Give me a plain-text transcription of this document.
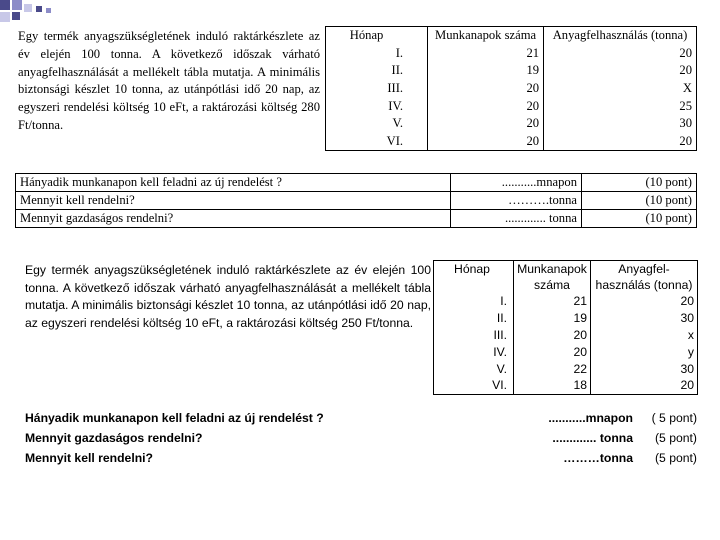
Egy termék anyagszükségletének induló raktárkészlete az év elején 100 tonna. A következő időszak várható anyagfelhasználását a mellékelt tábla mutatja. A minimális biztonsági készlet 10 tonna, az utánpótlási idő 20 nap, az egyszeri rendelési költség 10 eFt, a raktározási költség 280 Ft/tonna.
Hónap	Munkanapok száma	Anyagfelhasználás (tonna)
I.	21	20
II.	19	20
III.	20	X
IV.	20	25
V.	20	30
VI.	20	20
Hányadik munkanapon kell feladni az új rendelést ?	...........mnapon	(10 pont)
Mennyit kell rendelni?	……….tonna	(10 pont)
Mennyit gazdaságos rendelni?	............. tonna	(10 pont)
Egy termék anyagszükségletének induló raktárkészlete az év elején 100 tonna. A következő időszak várható anyagfelhasználását a mellékelt tábla mutatja. A minimális biztonsági készlet 10 tonna, az utánpótlási idő 20 nap, az egyszeri rendelési költség 10 eFt, a raktározási költség 250 Ft/tonna.
Hónap	Munkanapok száma	Anyagfel-használás (tonna)
I.	21	20
II.	19	30
III.	20	x
IV.	20	y
V.	22	30
VI.	18	20
Hányadik munkanapon kell feladni az új rendelést ?	...........mnapon ( 5 pont)
Mennyit gazdaságos rendelni?	............. tonna (5 pont)
Mennyit kell rendelni?	………tonna (5 pont)
